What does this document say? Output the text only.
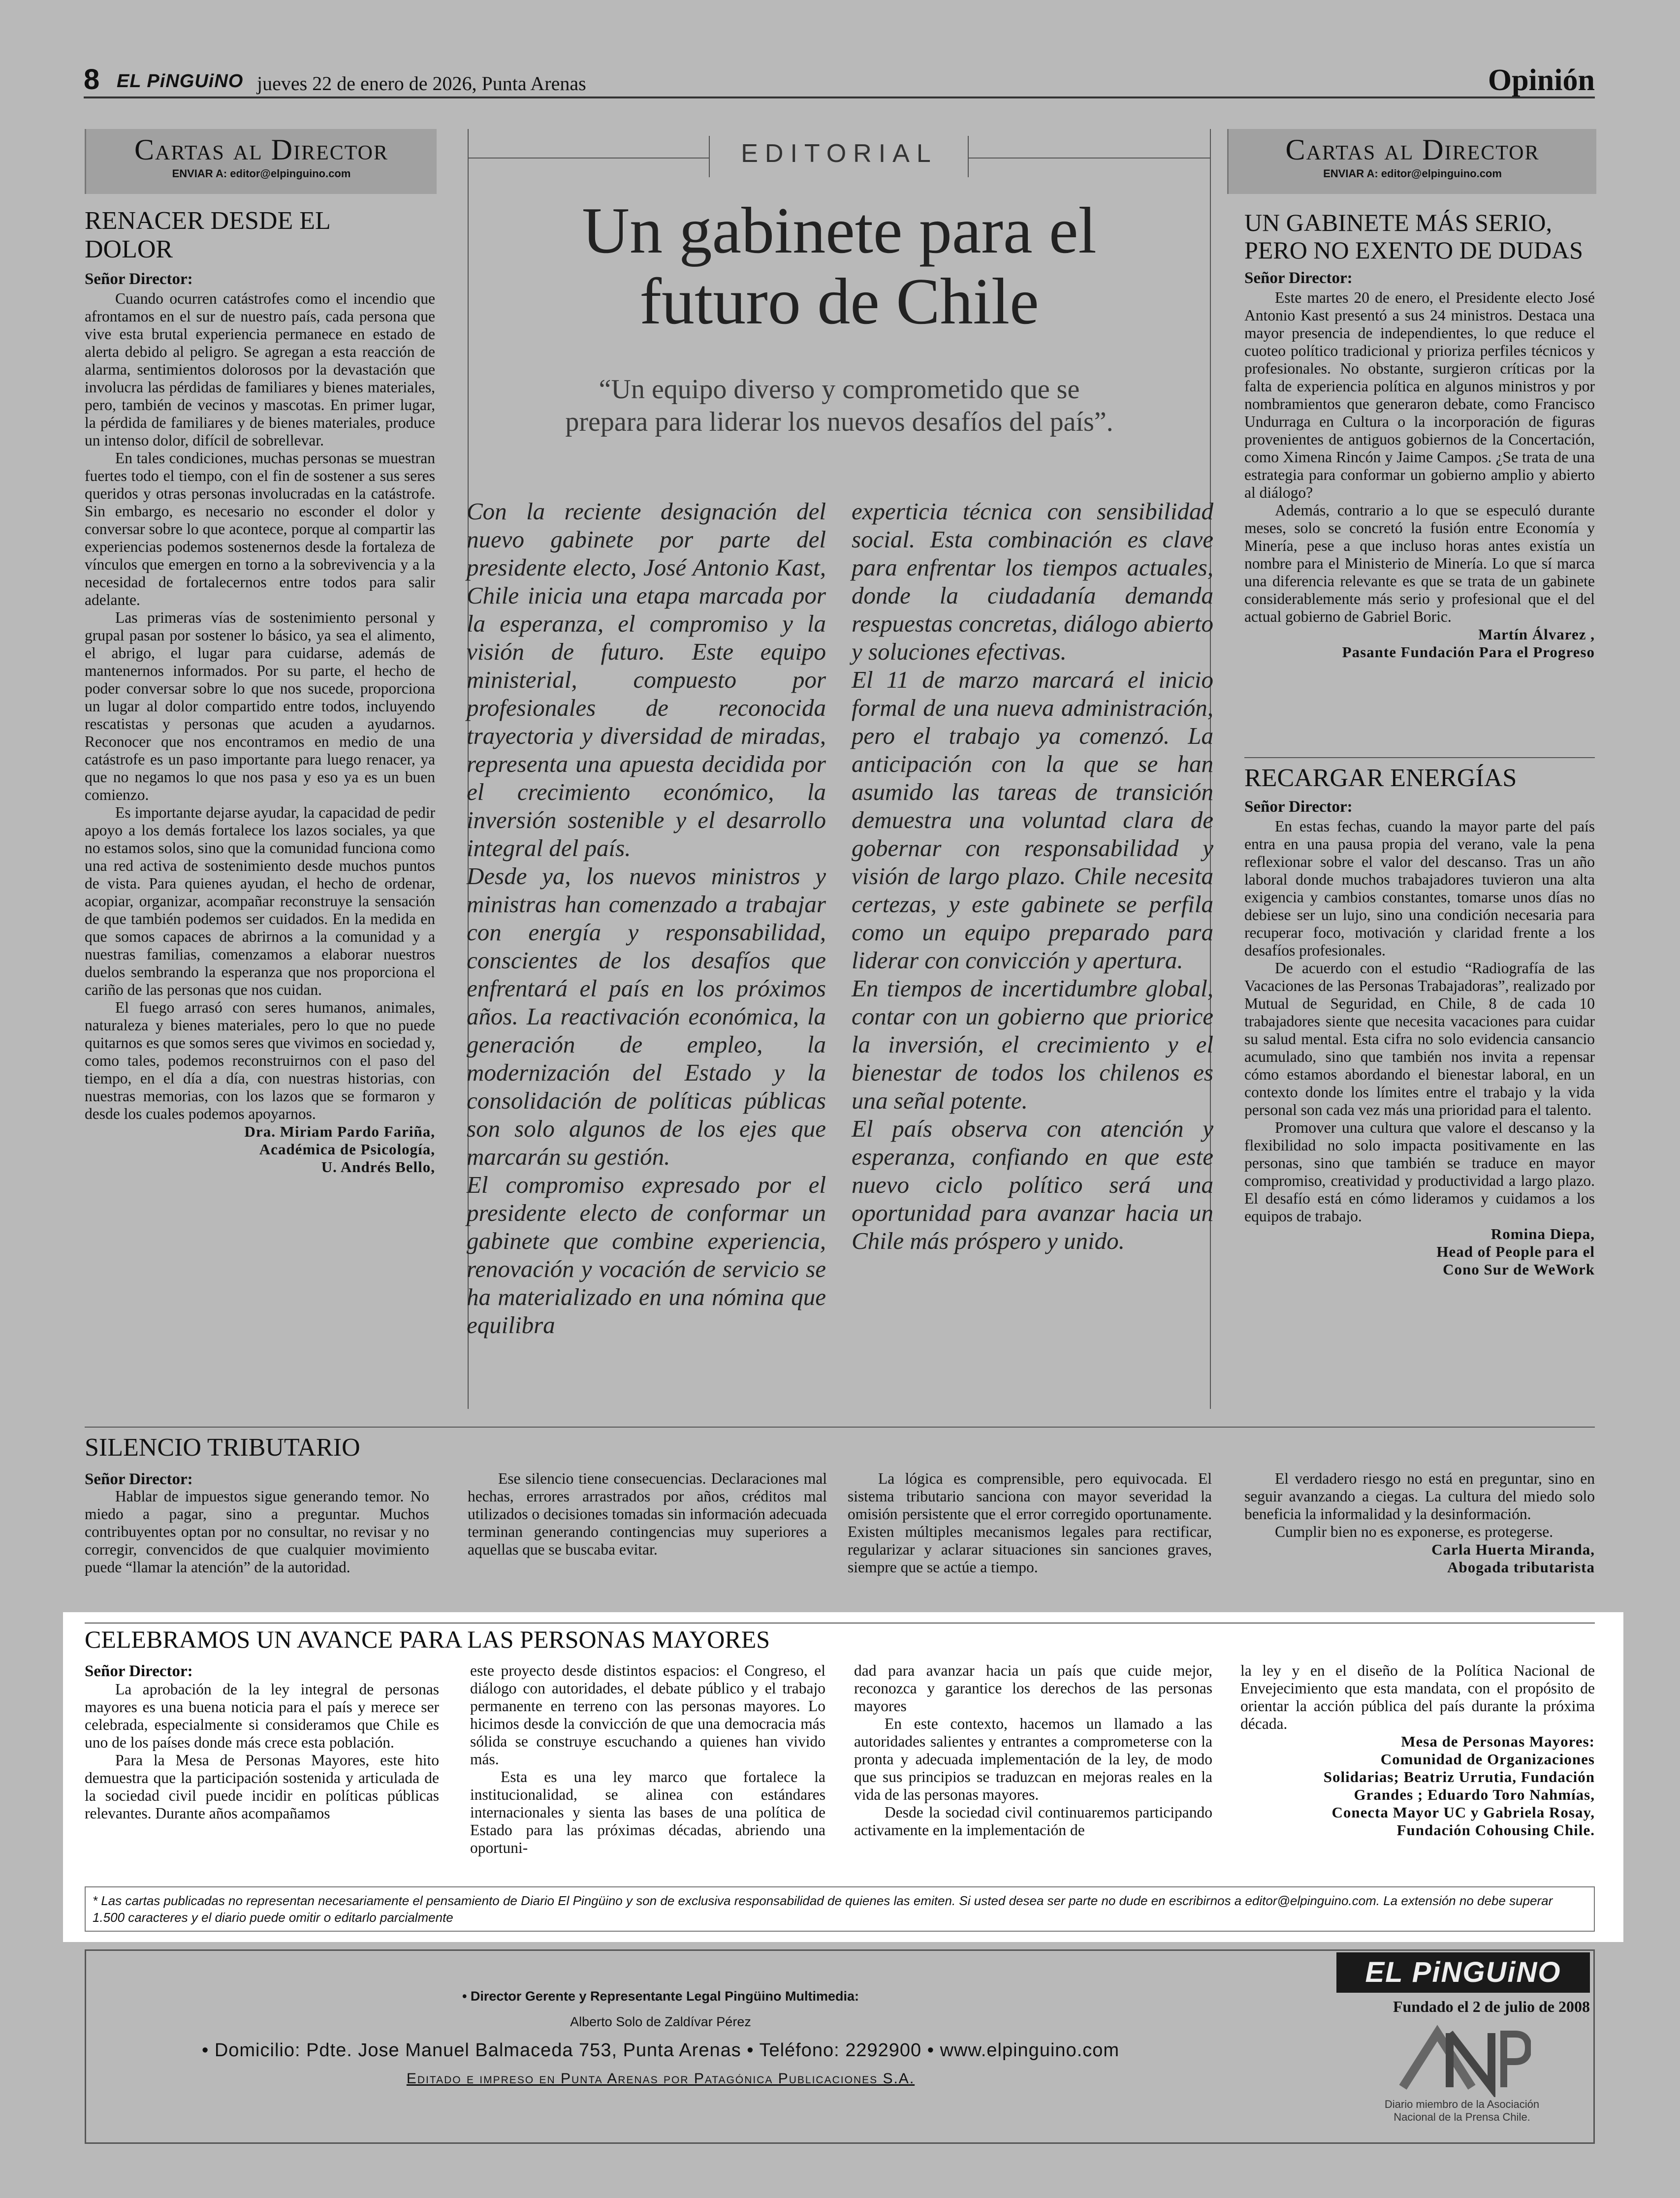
8 EL PiNGUiNO jueves 22 de enero de 2026, Punta Arenas	Opinión
Cartas al Director
ENVIAR A: editor@elpinguino.com
RENACER DESDE EL
DOLOR
Señor Director:

Cuando ocurren catástrofes como el incendio que afrontamos en el sur de nuestro país, cada persona que vive esta brutal experiencia permanece en estado de alerta debido al peligro. Se agregan a esta reacción de alarma, sentimientos dolorosos por la devastación que involucra las pérdidas de familiares y bienes materiales, pero, también de vecinos y mascotas. En primer lugar, la pérdida de familiares y de bienes materiales, produce un intenso dolor, difícil de sobrellevar.

En tales condiciones, muchas personas se muestran fuertes todo el tiempo, con el fin de sostener a sus seres queridos y otras personas involucradas en la catástrofe. Sin embargo, es necesario no esconder el dolor y conversar sobre lo que acontece, porque al compartir las experiencias podemos sostenernos desde la fortaleza de vínculos que emergen en torno a la sobrevivencia y a la necesidad de fortalecernos entre todos para salir adelante.

Las primeras vías de sostenimiento personal y grupal pasan por sostener lo básico, ya sea el alimento, el abrigo, el lugar para cuidarse, además de mantenernos informados. Por su parte, el hecho de poder conversar sobre lo que nos sucede, proporciona un lugar al dolor compartido entre todos, incluyendo rescatistas y personas que acuden a ayudarnos. Reconocer que nos encontramos en medio de una catástrofe es un paso importante para luego renacer, ya que no negamos lo que nos pasa y eso ya es un buen comienzo.

Es importante dejarse ayudar, la capacidad de pedir apoyo a los demás fortalece los lazos sociales, ya que no estamos solos, sino que la comunidad funciona como una red activa de sostenimiento desde muchos puntos de vista. Para quienes ayudan, el hecho de ordenar, acopiar, organizar, acompañar reconstruye la sensación de que también podemos ser cuidados. En la medida en que somos capaces de abrirnos a la comunidad y a nuestras familias, comenzamos a elaborar nuestros duelos sembrando la esperanza que nos proporciona el cariño de las personas que nos cuidan.

El fuego arrasó con seres humanos, animales, naturaleza y bienes materiales, pero lo que no puede quitarnos es que somos seres que vivimos en sociedad y, como tales, podemos reconstruirnos con el paso del tiempo, en el día a día, con nuestras historias, con nuestras memorias, con los lazos que se formaron y desde los cuales podemos apoyarnos.

Dra. Miriam Pardo Fariña,
Académica de Psicología,
U. Andrés Bello,
EDITORIAL
Un gabinete para el
futuro de Chile
“Un equipo diverso y comprometido que se
prepara para liderar los nuevos desafíos del país”.

Con la reciente designación del nuevo gabinete por parte del presidente electo, José Antonio Kast, Chile inicia una etapa marcada por la esperanza, el compromiso y la visión de futuro. Este equipo ministerial, compuesto por profesionales de reconocida trayectoria y diversidad de miradas, representa una apuesta decidida por el crecimiento económico, la inversión sostenible y el desarrollo integral del país.

Desde ya, los nuevos ministros y ministras han comenzado a trabajar con energía y responsabilidad, conscientes de los desafíos que enfrentará el país en los próximos años. La reactivación económica, la generación de empleo, la modernización del Estado y la consolidación de políticas públicas son solo algunos de los ejes que marcarán su gestión.

El compromiso expresado por el presidente electo de conformar un gabinete que combine experiencia, renovación y vocación de servicio se ha materializado en una nómina que equilibra

experticia técnica con sensibilidad social. Esta combinación es clave para enfrentar los tiempos actuales, donde la ciudadanía demanda respuestas concretas, diálogo abierto y soluciones efectivas.

El 11 de marzo marcará el inicio formal de una nueva administración, pero el trabajo ya comenzó. La anticipación con la que se han asumido las tareas de transición demuestra una voluntad clara de gobernar con responsabilidad y visión de largo plazo. Chile necesita certezas, y este gabinete se perfila como un equipo preparado para liderar con convicción y apertura.

En tiempos de incertidumbre global, contar con un gobierno que priorice la inversión, el crecimiento y el bienestar de todos los chilenos es una señal potente.

El país observa con atención y esperanza, confiando en que este nuevo ciclo político será una oportunidad para avanzar hacia un Chile más próspero y unido.

Cartas al Director
ENVIAR A: editor@elpinguino.com
UN GABINETE MÁS SERIO,
PERO NO EXENTO DE DUDAS
Señor Director:

Este martes 20 de enero, el Presidente electo José Antonio Kast presentó a sus 24 ministros. Destaca una mayor presencia de independientes, lo que reduce el cuoteo político tradicional y prioriza perfiles técnicos y profesionales. No obstante, surgieron críticas por la falta de experiencia política en algunos ministros y por nombramientos que generaron debate, como Francisco Undurraga en Cultura o la incorporación de figuras provenientes de antiguos gobiernos de la Concertación, como Ximena Rincón y Jaime Campos. ¿Se trata de una estrategia para conformar un gobierno amplio y abierto al diálogo?

Además, contrario a lo que se especuló durante meses, solo se concretó la fusión entre Economía y Minería, pese a que incluso horas antes existía un nombre para el Ministerio de Minería. Lo que sí marca una diferencia relevante es que se trata de un gabinete considerablemente más serio y profesional que el del actual gobierno de Gabriel Boric.

Martín Álvarez ,
Pasante Fundación Para el Progreso
RECARGAR ENERGÍAS
Señor Director:

En estas fechas, cuando la mayor parte del país entra en una pausa propia del verano, vale la pena reflexionar sobre el valor del descanso. Tras un año laboral donde muchos trabajadores tuvieron una alta exigencia y cambios constantes, tomarse unos días no debiese ser un lujo, sino una condición necesaria para recuperar foco, motivación y claridad frente a los desafíos profesionales.

De acuerdo con el estudio “Radiografía de las Vacaciones de las Personas Trabajadoras”, realizado por Mutual de Seguridad, en Chile, 8 de cada 10 trabajadores siente que necesita vacaciones para cuidar su salud mental. Esta cifra no solo evidencia cansancio acumulado, sino que también nos invita a repensar cómo estamos abordando el bienestar laboral, en un contexto donde los límites entre el trabajo y la vida personal son cada vez más una prioridad para el talento.

Promover una cultura que valore el descanso y la flexibilidad no solo impacta positivamente en las personas, sino que también se traduce en mayor compromiso, creatividad y productividad a largo plazo. El desafío está en cómo lideramos y cuidamos a los equipos de trabajo.

Romina Diepa,
Head of People para el
Cono Sur de WeWork
SILENCIO TRIBUTARIO
Señor Director:

Hablar de impuestos sigue generando temor. No miedo a pagar, sino a preguntar. Muchos contribuyentes optan por no consultar, no revisar y no corregir, convencidos de que cualquier movimiento puede “llamar la atención” de la autoridad.

Ese silencio tiene consecuencias. Declaraciones mal hechas, errores arrastrados por años, créditos mal utilizados o decisiones tomadas sin información adecuada terminan generando contingencias muy superiores a aquellas que se buscaba evitar.

La lógica es comprensible, pero equivocada. El sistema tributario sanciona con mayor severidad la omisión persistente que el error corregido oportunamente. Existen múltiples mecanismos legales para rectificar, regularizar y aclarar situaciones sin sanciones graves, siempre que se actúe a tiempo.

El verdadero riesgo no está en preguntar, sino en seguir avanzando a ciegas. La cultura del miedo solo beneficia la informalidad y la desinformación.

Cumplir bien no es exponerse, es protegerse.

Carla Huerta Miranda,
Abogada tributarista
CELEBRAMOS UN AVANCE PARA LAS PERSONAS MAYORES
Señor Director:

La aprobación de la ley integral de personas mayores es una buena noticia para el país y merece ser celebrada, especialmente si consideramos que Chile es uno de los países donde más crece esta población.

Para la Mesa de Personas Mayores, este hito demuestra que la participación sostenida y articulada de la sociedad civil puede incidir en políticas públicas relevantes. Durante años acompañamos

este proyecto desde distintos espacios: el Congreso, el diálogo con autoridades, el debate público y el trabajo permanente en terreno con las personas mayores. Lo hicimos desde la convicción de que una democracia más sólida se construye escuchando a quienes han vivido más.

Esta es una ley marco que fortalece la institucionalidad, se alinea con estándares internacionales y sienta las bases de una política de Estado para las próximas décadas, abriendo una oportuni-

dad para avanzar hacia un país que cuide mejor, reconozca y garantice los derechos de las personas mayores

En este contexto, hacemos un llamado a las autoridades salientes y entrantes a comprometerse con la pronta y adecuada implementación de la ley, de modo que sus principios se traduzcan en mejoras reales en la vida de las personas mayores.

Desde la sociedad civil continuaremos participando activamente en la implementación de

la ley y en el diseño de la Política Nacional de Envejecimiento que esta mandata, con el propósito de orientar la acción pública del país durante la próxima década.

Mesa de Personas Mayores:
Comunidad de Organizaciones
Solidarias; Beatriz Urrutia, Fundación
Grandes ; Eduardo Toro Nahmías,
Conecta Mayor UC y Gabriela Rosay,
Fundación Cohousing Chile.
* Las cartas publicadas no representan necesariamente el pensamiento de Diario El Pingüino y son de exclusiva responsabilidad de quienes las emiten. Si usted desea ser parte no dude en escribirnos a editor@elpinguino.com. La extensión no debe superar 1.500 caracteres y el diario puede omitir o editarlo parcialmente
• Director Gerente y Representante Legal Pingüino Multimedia:
Alberto Solo de Zaldívar Pérez
• Domicilio: Pdte. Jose Manuel Balmaceda 753, Punta Arenas • Teléfono: 2292900 • www.elpinguino.com
Editado e impreso en Punta Arenas por Patagónica Publicaciones S.A.
EL PiNGUiNO
Fundado el 2 de julio de 2008
Diario miembro de la Asociación
Nacional de la Prensa Chile.
